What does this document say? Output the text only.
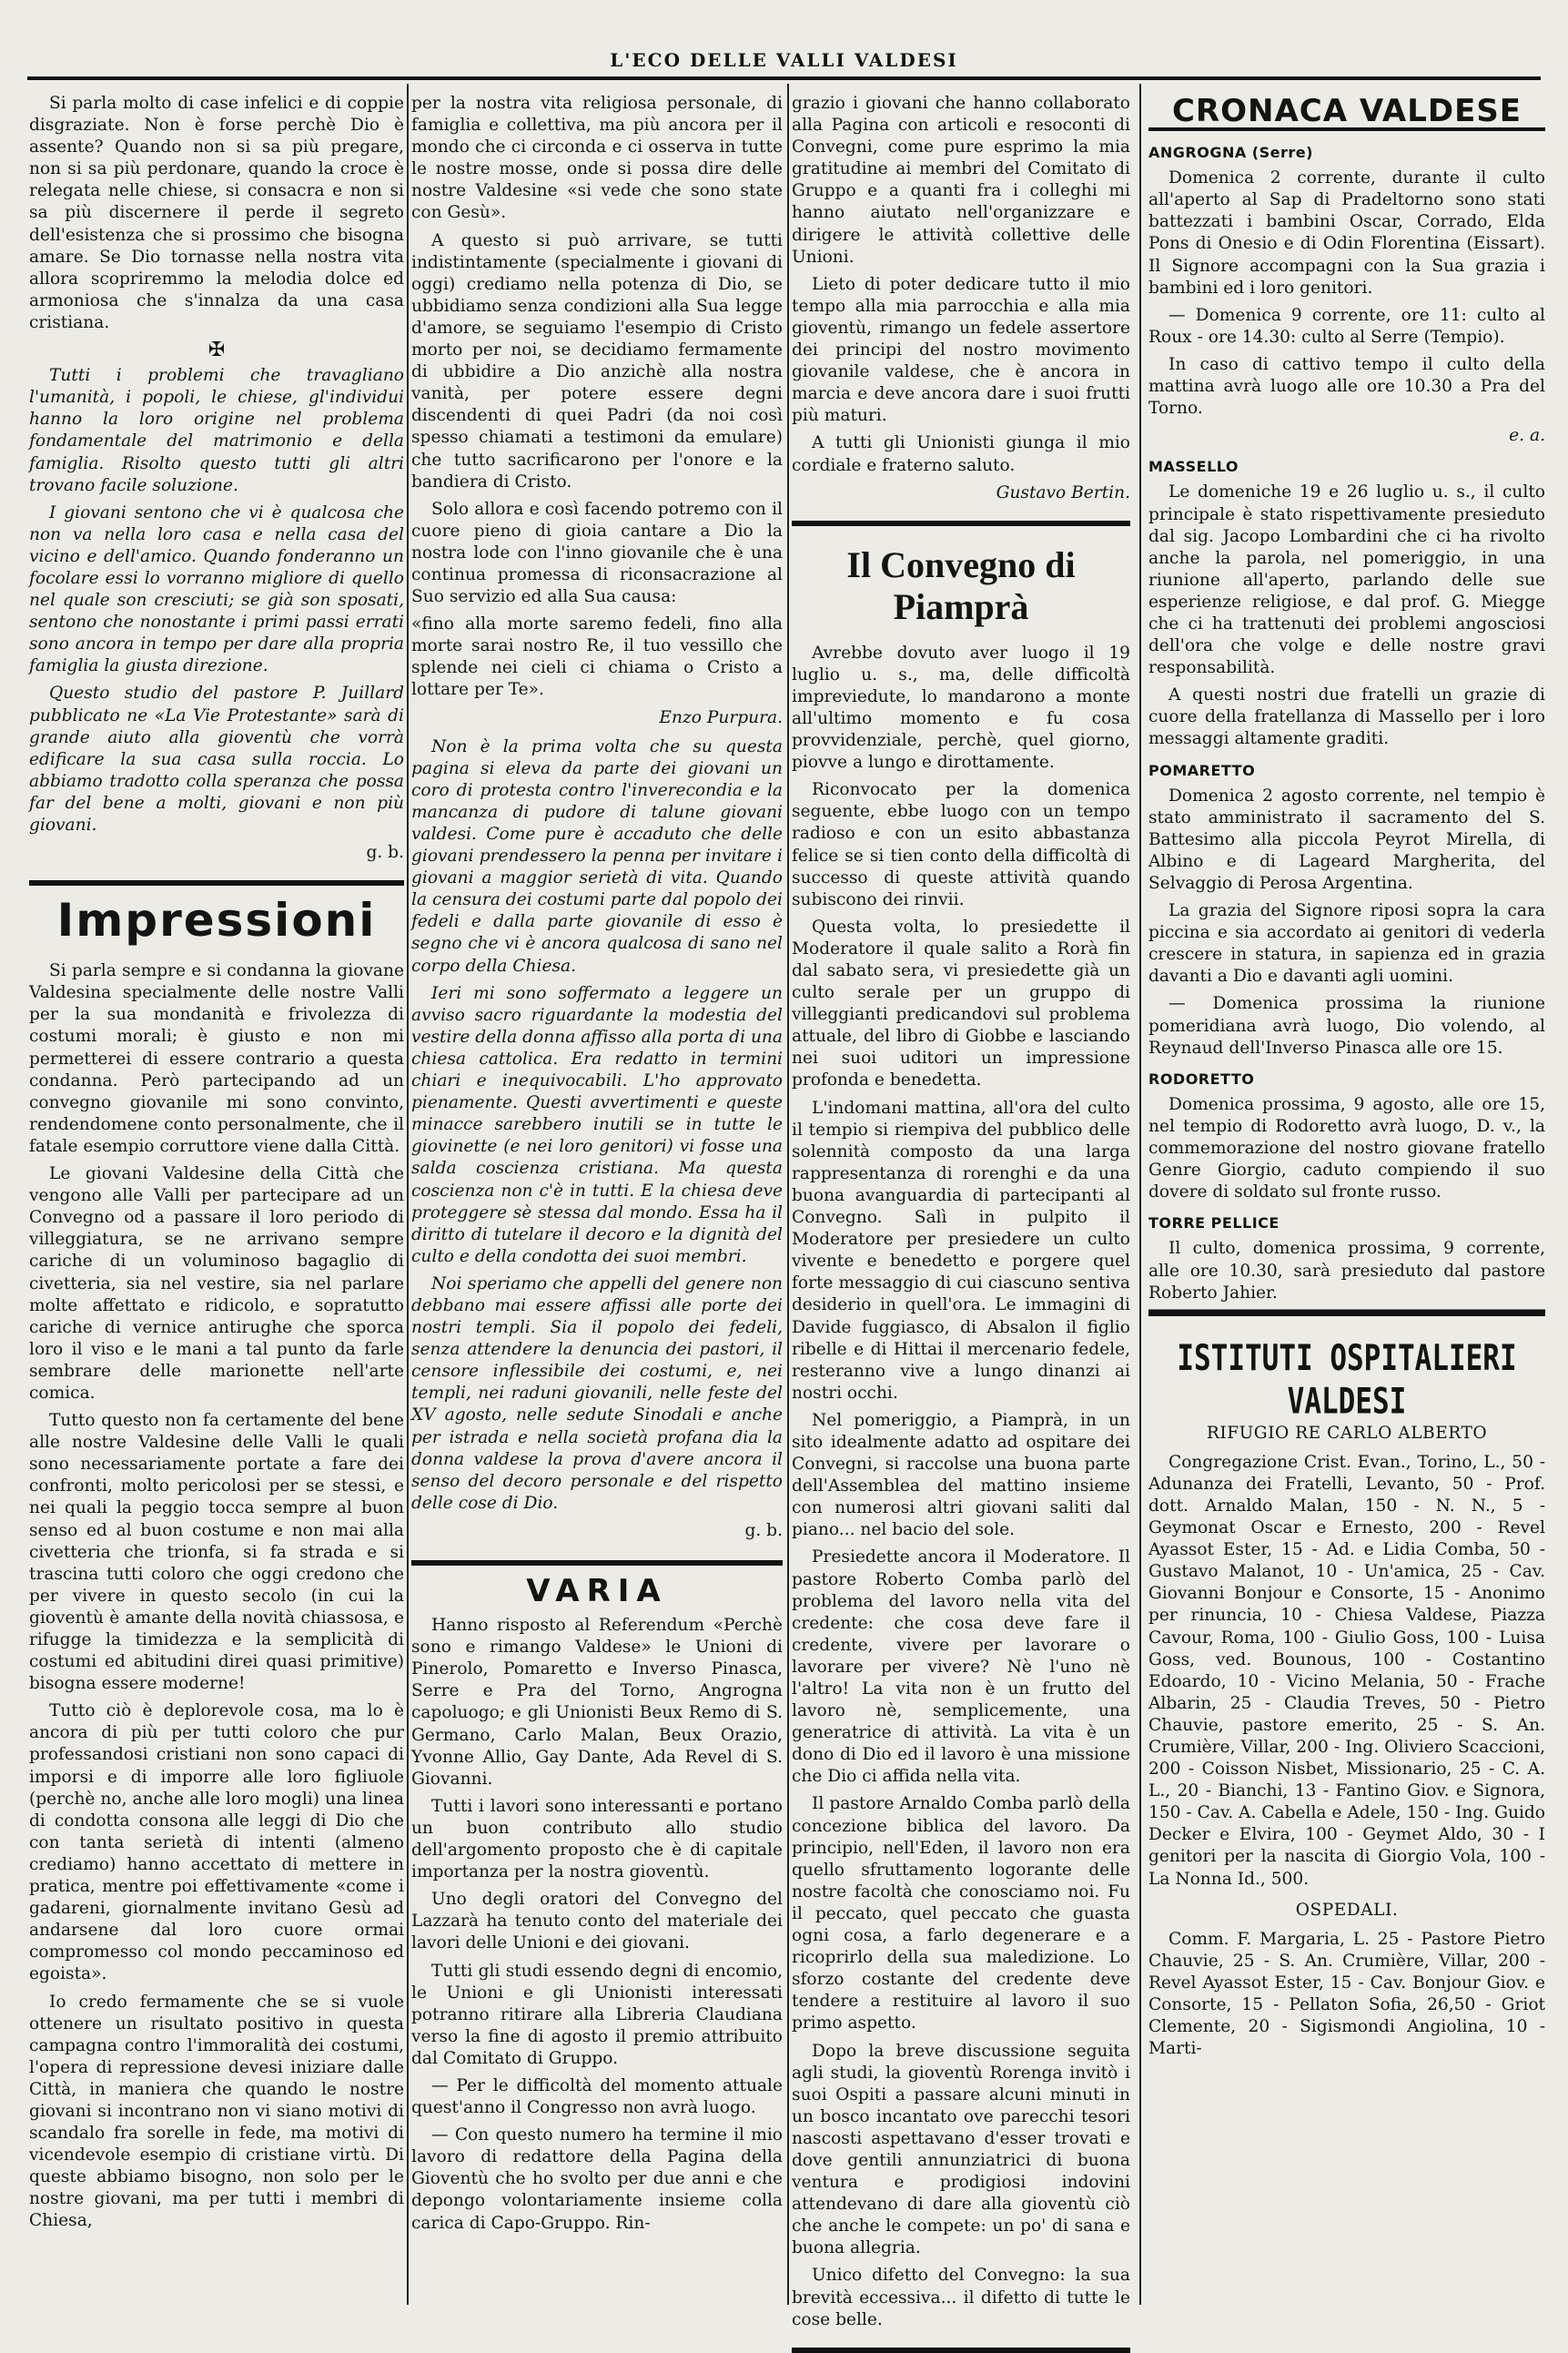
L'ECO DELLE VALLI VALDESI

Si parla molto di case infelici e di coppie disgraziate. Non è forse perchè Dio è assente? Quando non si sa più pregare, non si sa più perdonare, quando la croce è relegata nelle chiese, si consacra e non si sa più discernere il perde il segreto dell'esistenza che si prossimo che bisogna amare. Se Dio tornasse nella nostra vita allora scopriremmo la melodia dolce ed armoniosa che s'innalza da una casa cristiana.

✠

Tutti i problemi che travagliano l'umanità, i popoli, le chiese, gl'individui hanno la loro origine nel problema fondamentale del matrimonio e della famiglia. Risolto questo tutti gli altri trovano facile soluzione.

I giovani sentono che vi è qualcosa che non va nella loro casa e nella casa del vicino e dell'amico. Quando fonderanno un focolare essi lo vorranno migliore di quello nel quale son cresciuti; se già son sposati, sentono che nonostante i primi passi errati sono ancora in tempo per dare alla propria famiglia la giusta direzione.

Questo studio del pastore P. Juillard pubblicato ne «La Vie Protestante» sarà di grande aiuto alla gioventù che vorrà edificare la sua casa sulla roccia. Lo abbiamo tradotto colla speranza che possa far del bene a molti, giovani e non più giovani.

g. b.
Impressioni

Si parla sempre e si condanna la giovane Valdesina specialmente delle nostre Valli per la sua mondanità e frivolezza di costumi morali; è giusto e non mi permetterei di essere contrario a questa condanna. Però partecipando ad un convegno giovanile mi sono convinto, rendendomene conto personalmente, che il fatale esempio corruttore viene dalla Città.

Le giovani Valdesine della Città che vengono alle Valli per partecipare ad un Convegno od a passare il loro periodo di villeggiatura, se ne arrivano sempre cariche di un voluminoso bagaglio di civetteria, sia nel vestire, sia nel parlare molte affettato e ridicolo, e sopratutto cariche di vernice antirughe che sporca loro il viso e le mani a tal punto da farle sembrare delle marionette nell'arte comica.

Tutto questo non fa certamente del bene alle nostre Valdesine delle Valli le quali sono necessariamente portate a fare dei confronti, molto pericolosi per se stessi, e nei quali la peggio tocca sempre al buon senso ed al buon costume e non mai alla civetteria che trionfa, si fa strada e si trascina tutti coloro che oggi credono che per vivere in questo secolo (in cui la gioventù è amante della novità chiassosa, e rifugge la timidezza e la semplicità di costumi ed abitudini direi quasi primitive) bisogna essere moderne!

Tutto ciò è deplorevole cosa, ma lo è ancora di più per tutti coloro che pur professandosi cristiani non sono capaci di imporsi e di imporre alle loro figliuole (perchè no, anche alle loro mogli) una linea di condotta consona alle leggi di Dio che con tanta serietà di intenti (almeno crediamo) hanno accettato di mettere in pratica, mentre poi effettivamente «come i gadareni, giornalmente invitano Gesù ad andarsene dal loro cuore ormai compromesso col mondo peccaminoso ed egoista».

Io credo fermamente che se si vuole ottenere un risultato positivo in questa campagna contro l'immoralità dei costumi, l'opera di repressione devesi iniziare dalle Città, in maniera che quando le nostre giovani si incontrano non vi siano motivi di scandalo fra sorelle in fede, ma motivi di vicendevole esempio di cristiane virtù. Di queste abbiamo bisogno, non solo per le nostre giovani, ma per tutti i membri di Chiesa,

per la nostra vita religiosa personale, di famiglia e collettiva, ma più ancora per il mondo che ci circonda e ci osserva in tutte le nostre mosse, onde si possa dire delle nostre Valdesine «si vede che sono state con Gesù».

A questo si può arrivare, se tutti indistintamente (specialmente i giovani di oggi) crediamo nella potenza di Dio, se ubbidiamo senza condizioni alla Sua legge d'amore, se seguiamo l'esempio di Cristo morto per noi, se decidiamo fermamente di ubbidire a Dio anzichè alla nostra vanità, per potere essere degni discendenti di quei Padri (da noi così spesso chiamati a testimoni da emulare) che tutto sacrificarono per l'onore e la bandiera di Cristo.

Solo allora e così facendo potremo con il cuore pieno di gioia cantare a Dio la nostra lode con l'inno giovanile che è una continua promessa di riconsacrazione al Suo servizio ed alla Sua causa:

«fino alla morte saremo fedeli, fino alla morte sarai nostro Re, il tuo vessillo che splende nei cieli ci chiama o Cristo a lottare per Te».

Enzo Purpura.

Non è la prima volta che su questa pagina si eleva da parte dei giovani un coro di protesta contro l'inverecondia e la mancanza di pudore di talune giovani valdesi. Come pure è accaduto che delle giovani prendessero la penna per invitare i giovani a maggior serietà di vita. Quando la censura dei costumi parte dal popolo dei fedeli e dalla parte giovanile di esso è segno che vi è ancora qualcosa di sano nel corpo della Chiesa.

Ieri mi sono soffermato a leggere un avviso sacro riguardante la modestia del vestire della donna affisso alla porta di una chiesa cattolica. Era redatto in termini chiari e inequivocabili. L'ho approvato pienamente. Questi avvertimenti e queste minacce sarebbero inutili se in tutte le giovinette (e nei loro genitori) vi fosse una salda coscienza cristiana. Ma questa coscienza non c'è in tutti. E la chiesa deve proteggere sè stessa dal mondo. Essa ha il diritto di tutelare il decoro e la dignità del culto e della condotta dei suoi membri.

Noi speriamo che appelli del genere non debbano mai essere affissi alle porte dei nostri templi. Sia il popolo dei fedeli, senza attendere la denuncia dei pastori, il censore inflessibile dei costumi, e, nei templi, nei raduni giovanili, nelle feste del XV agosto, nelle sedute Sinodali e anche per istrada e nella società profana dia la donna valdese la prova d'avere ancora il senso del decoro personale e del rispetto delle cose di Dio.

g. b.
VARIA

Hanno risposto al Referendum «Perchè sono e rimango Valdese» le Unioni di Pinerolo, Pomaretto e Inverso Pinasca, Serre e Pra del Torno, Angrogna capoluogo; e gli Unionisti Beux Remo di S. Germano, Carlo Malan, Beux Orazio, Yvonne Allio, Gay Dante, Ada Revel di S. Giovanni.

Tutti i lavori sono interessanti e portano un buon contributo allo studio dell'argomento proposto che è di capitale importanza per la nostra gioventù.

Uno degli oratori del Convegno del Lazzarà ha tenuto conto del materiale dei lavori delle Unioni e dei giovani.

Tutti gli studi essendo degni di encomio, le Unioni e gli Unionisti interessati potranno ritirare alla Libreria Claudiana verso la fine di agosto il premio attribuito dal Comitato di Gruppo.

— Per le difficoltà del momento attuale quest'anno il Congresso non avrà luogo.

— Con questo numero ha termine il mio lavoro di redattore della Pagina della Gioventù che ho svolto per due anni e che depongo volontariamente insieme colla carica di Capo-Gruppo. Rin-

grazio i giovani che hanno collaborato alla Pagina con articoli e resoconti di Convegni, come pure esprimo la mia gratitudine ai membri del Comitato di Gruppo e a quanti fra i colleghi mi hanno aiutato nell'organizzare e dirigere le attività collettive delle Unioni.

Lieto di poter dedicare tutto il mio tempo alla mia parrocchia e alla mia gioventù, rimango un fedele assertore dei principi del nostro movimento giovanile valdese, che è ancora in marcia e deve ancora dare i suoi frutti più maturi.

A tutti gli Unionisti giunga il mio cordiale e fraterno saluto.

Gustavo Bertin.
Il Convegno di Piamprà

Avrebbe dovuto aver luogo il 19 luglio u. s., ma, delle difficoltà impreviedute, lo mandarono a monte all'ultimo momento e fu cosa provvidenziale, perchè, quel giorno, piovve a lungo e dirottamente.

Riconvocato per la domenica seguente, ebbe luogo con un tempo radioso e con un esito abbastanza felice se si tien conto della difficoltà di successo di queste attività quando subiscono dei rinvii.

Questa volta, lo presiedette il Moderatore il quale salito a Rorà fin dal sabato sera, vi presiedette già un culto serale per un gruppo di villeggianti predicandovi sul problema attuale, del libro di Giobbe e lasciando nei suoi uditori un impressione profonda e benedetta.

L'indomani mattina, all'ora del culto il tempio si riempiva del pubblico delle solennità composto da una larga rappresentanza di rorenghi e da una buona avanguardia di partecipanti al Convegno. Salì in pulpito il Moderatore per presiedere un culto vivente e benedetto e porgere quel forte messaggio di cui ciascuno sentiva desiderio in quell'ora. Le immagini di Davide fuggiasco, di Absalon il figlio ribelle e di Hittai il mercenario fedele, resteranno vive a lungo dinanzi ai nostri occhi.

Nel pomeriggio, a Piamprà, in un sito idealmente adatto ad ospitare dei Convegni, si raccolse una buona parte dell'Assemblea del mattino insieme con numerosi altri giovani saliti dal piano... nel bacio del sole.

Presiedette ancora il Moderatore. Il pastore Roberto Comba parlò del problema del lavoro nella vita del credente: che cosa deve fare il credente, vivere per lavorare o lavorare per vivere? Nè l'uno nè l'altro! La vita non è un frutto del lavoro nè, semplicemente, una generatrice di attività. La vita è un dono di Dio ed il lavoro è una missione che Dio ci affida nella vita.

Il pastore Arnaldo Comba parlò della concezione biblica del lavoro. Da principio, nell'Eden, il lavoro non era quello sfruttamento logorante delle nostre facoltà che conosciamo noi. Fu il peccato, quel peccato che guasta ogni cosa, a farlo degenerare e a ricoprirlo della sua maledizione. Lo sforzo costante del credente deve tendere a restituire al lavoro il suo primo aspetto.

Dopo la breve discussione seguita agli studi, la gioventù Rorenga invitò i suoi Ospiti a passare alcuni minuti in un bosco incantato ove parecchi tesori nascosti aspettavano d'esser trovati e dove gentili annunziatrici di buona ventura e prodigiosi indovini attendevano di dare alla gioventù ciò che anche le compete: un po' di sana e buona allegria.

Unico difetto del Convegno: la sua brevità eccessiva... il difetto di tutte le cose belle.

CRONACA VALDESE
ANGROGNA (Serre)

Domenica 2 corrente, durante il culto all'aperto al Sap di Pradeltorno sono stati battezzati i bambini Oscar, Corrado, Elda Pons di Onesio e di Odin Florentina (Eissart). Il Signore accompagni con la Sua grazia i bambini ed i loro genitori.

— Domenica 9 corrente, ore 11: culto al Roux - ore 14.30: culto al Serre (Tempio).

In caso di cattivo tempo il culto della mattina avrà luogo alle ore 10.30 a Pra del Torno.

e. a.
MASSELLO

Le domeniche 19 e 26 luglio u. s., il culto principale è stato rispettivamente presieduto dal sig. Jacopo Lombardini che ci ha rivolto anche la parola, nel pomeriggio, in una riunione all'aperto, parlando delle sue esperienze religiose, e dal prof. G. Miegge che ci ha trattenuti dei problemi angosciosi dell'ora che volge e delle nostre gravi responsabilità.

A questi nostri due fratelli un grazie di cuore della fratellanza di Massello per i loro messaggi altamente graditi.

POMARETTO

Domenica 2 agosto corrente, nel tempio è stato amministrato il sacramento del S. Battesimo alla piccola Peyrot Mirella, di Albino e di Lageard Margherita, del Selvaggio di Perosa Argentina.

La grazia del Signore riposi sopra la cara piccina e sia accordato ai genitori di vederla crescere in statura, in sapienza ed in grazia davanti a Dio e davanti agli uomini.

— Domenica prossima la riunione pomeridiana avrà luogo, Dio volendo, al Reynaud dell'Inverso Pinasca alle ore 15.

RODORETTO

Domenica prossima, 9 agosto, alle ore 15, nel tempio di Rodoretto avrà luogo, D. v., la commemorazione del nostro giovane fratello Genre Giorgio, caduto compiendo il suo dovere di soldato sul fronte russo.

TORRE PELLICE

Il culto, domenica prossima, 9 corrente, alle ore 10.30, sarà presieduto dal pastore Roberto Jahier.

ISTITUTI OSPITALIERI VALDESI
RIFUGIO RE CARLO ALBERTO

Congregazione Crist. Evan., Torino, L., 50 - Adunanza dei Fratelli, Levanto, 50 - Prof. dott. Arnaldo Malan, 150 - N. N., 5 - Geymonat Oscar e Ernesto, 200 - Revel Ayassot Ester, 15 - Ad. e Lidia Comba, 50 - Gustavo Malanot, 10 - Un'amica, 25 - Cav. Giovanni Bonjour e Consorte, 15 - Anonimo per rinuncia, 10 - Chiesa Valdese, Piazza Cavour, Roma, 100 - Giulio Goss, 100 - Luisa Goss, ved. Bounous, 100 - Costantino Edoardo, 10 - Vicino Melania, 50 - Frache Albarin, 25 - Claudia Treves, 50 - Pietro Chauvie, pastore emerito, 25 - S. An. Crumière, Villar, 200 - Ing. Oliviero Scaccioni, 200 - Coisson Nisbet, Missionario, 25 - C. A. L., 20 - Bianchi, 13 - Fantino Giov. e Signora, 150 - Cav. A. Cabella e Adele, 150 - Ing. Guido Decker e Elvira, 100 - Geymet Aldo, 30 - I genitori per la nascita di Giorgio Vola, 100 - La Nonna Id., 500.

OSPEDALI.

Comm. F. Margaria, L. 25 - Pastore Pietro Chauvie, 25 - S. An. Crumière, Villar, 200 - Revel Ayassot Ester, 15 - Cav. Bonjour Giov. e Consorte, 15 - Pellaton Sofia, 26,50 - Griot Clemente, 20 - Sigismondi Angiolina, 10 - Marti-
